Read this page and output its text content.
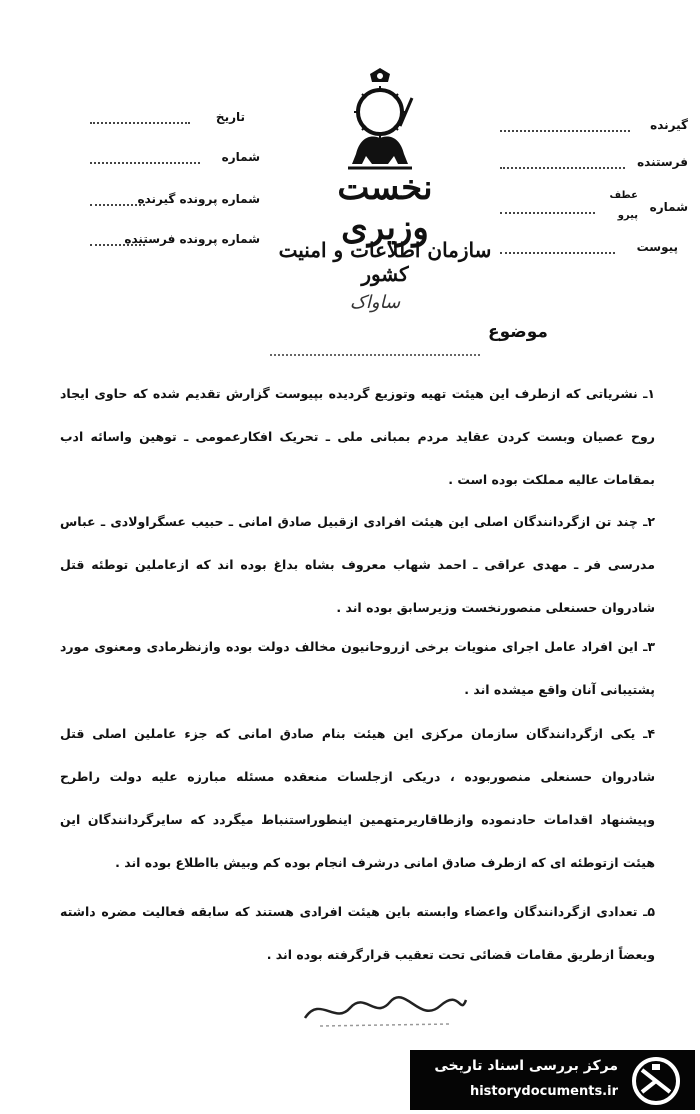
نخست وزیری
سازمان اطلاعات و امنیت کشور
ساواک
تاریخ
شماره
شماره پرونده گیرنده
شماره پرونده فرستنده
گیرنده
فرستنده
شماره
عطف
پیرو
پیوست
موضوع
۱ـ نشریاتی که ازطرف این هیئت تهیه وتوزیع گردیده بپیوست گزارش تقدیم شده که حاوی ایجاد روح عصیان وبست کردن عقاید مردم بمبانی ملی ـ تحریک افکارعمومی ـ توهین واسائه ادب بمقامات عالیه مملکت بوده است .
۲ـ چند تن ازگردانندگان اصلی این هیئت افرادی ازقبیل صادق امانی ـ حبیب عسگراولادی ـ عباس مدرسی فر ـ مهدی عراقی ـ احمد شهاب معروف بشاه بداغ بوده اند که ازعاملین توطئه قتل شادروان حسنعلی منصورنخست وزیرسابق بوده اند .
۳ـ این افراد عامل اجرای منویات برخی ازروحانیون مخالف دولت بوده وازنظرمادی ومعنوی مورد پشتیبانی آنان واقع میشده اند .
۴ـ یکی ازگردانندگان سازمان مرکزی این هیئت بنام صادق امانی که جزء عاملین اصلی قتل شادروان حسنعلی منصوربوده ، دریکی ازجلسات منعقده مسئله مبارزه علیه دولت راطرح وپیشنهاد اقدامات حادنموده وازطاقاریرمتهمین اینطوراستنباط میگردد که سایرگردانندگان این هیئت ازتوطئه ای که ازطرف صادق امانی درشرف انجام بوده کم وبیش بااطلاع بوده اند .
۵ـ تعدادی ازگردانندگان واعضاء وابسته باین هیئت افرادی هستند که سابقه فعالیت مضره داشته وبعضاً ازطریق مقامات قضائی تحت تعقیب قرارگرفته بوده اند .
مرکز بررسی اسناد تاریخی
historydocuments.ir
